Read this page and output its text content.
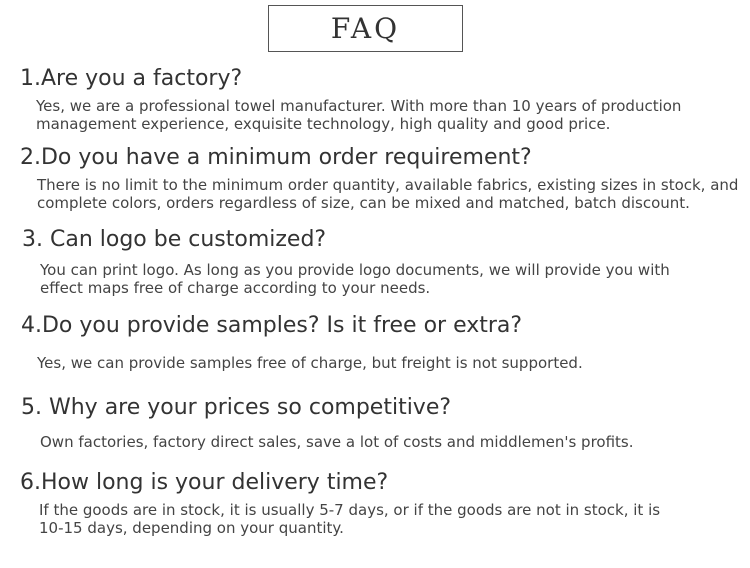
FAQ
1.Are you a factory?
Yes, we are a professional towel manufacturer. With more than 10 years of production
management experience, exquisite technology, high quality and good price.
2.Do you have a minimum order requirement?
There is no limit to the minimum order quantity, available fabrics, existing sizes in stock, and
complete colors, orders regardless of size, can be mixed and matched, batch discount.
3. Can logo be customized?
You can print logo. As long as you provide logo documents, we will provide you with
effect maps free of charge according to your needs.
4.Do you provide samples? Is it free or extra?
Yes, we can provide samples free of charge, but freight is not supported.
5. Why are your prices so competitive?
Own factories, factory direct sales, save a lot of costs and middlemen's profits.
6.How long is your delivery time?
If the goods are in stock, it is usually 5-7 days, or if the goods are not in stock, it is
10-15 days, depending on your quantity.
